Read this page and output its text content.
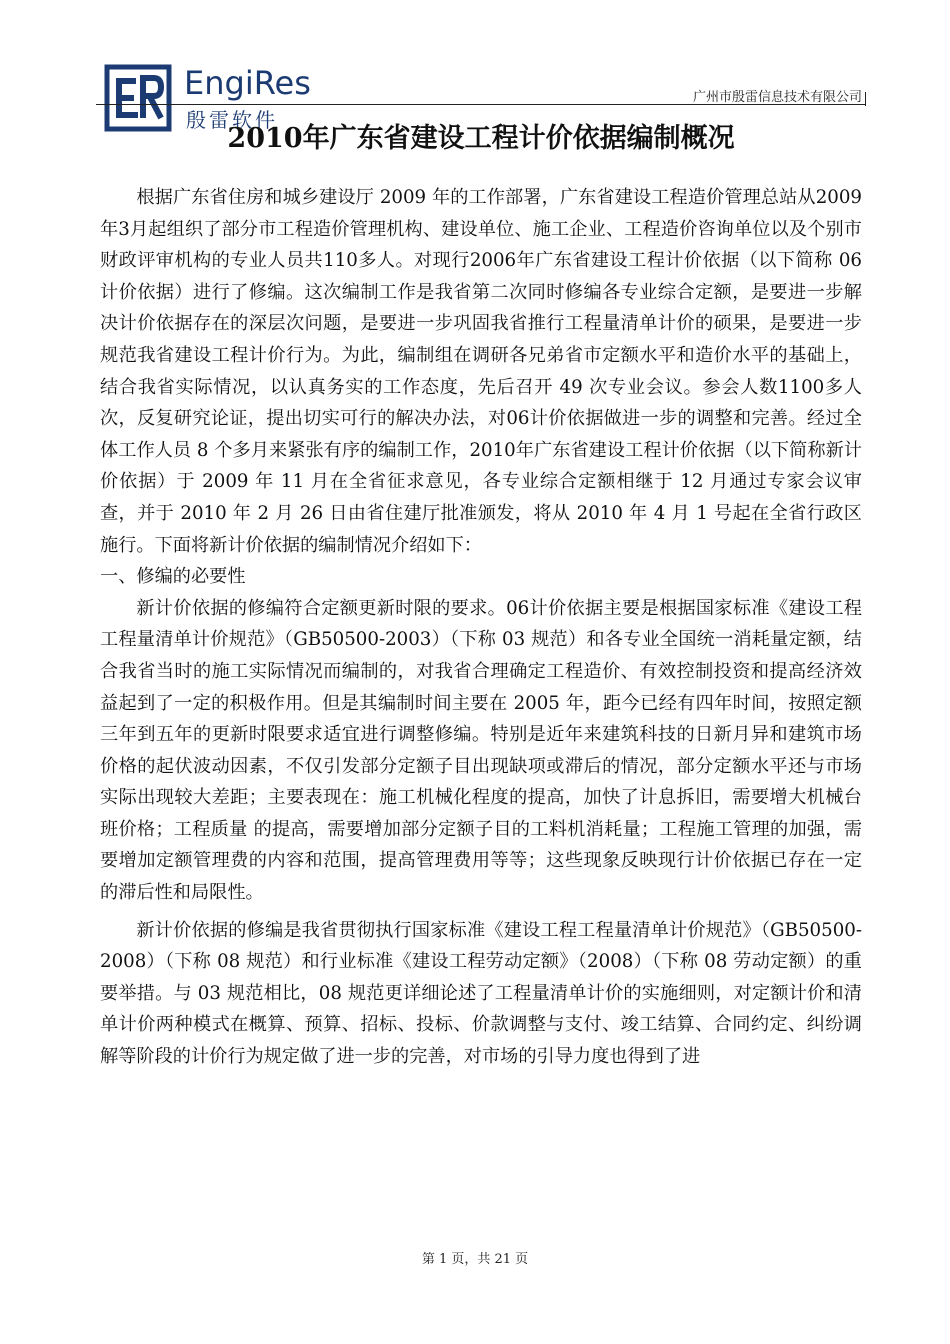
EngiRes
殷雷软件
广州市殷雷信息技术有限公司
2010年广东省建设工程计价依据编制概况

根据广东省住房和城乡建设厅 2009 年的工作部署，广东省建设工程造价管理总站从2009年3月起组织了部分市工程造价管理机构、建设单位、施工企业、工程造价咨询单位以及个别市财政评审机构的专业人员共110多人。对现行2006年广东省建设工程计价依据（以下简称 06 计价依据）进行了修编。这次编制工作是我省第二次同时修编各专业综合定额，是要进一步解决计价依据存在的深层次问题，是要进一步巩固我省推行工程量清单计价的硕果，是要进一步规范我省建设工程计价行为。为此，编制组在调研各兄弟省市定额水平和造价水平的基础上，结合我省实际情况，以认真务实的工作态度，先后召开 49 次专业会议。参会人数1100多人次，反复研究论证，提出切实可行的解决办法，对06计价依据做进一步的调整和完善。经过全体工作人员 8 个多月来紧张有序的编制工作，2010年广东省建设工程计价依据（以下简称新计价依据）于 2009 年 11 月在全省征求意见，各专业综合定额相继于 12 月通过专家会议审查，并于 2010 年 2 月 26 日由省住建厅批准颁发，将从 2010 年 4 月 1 号起在全省行政区施行。下面将新计价依据的编制情况介绍如下：

一、修编的必要性

新计价依据的修编符合定额更新时限的要求。06计价依据主要是根据国家标准《建设工程工程量清单计价规范》（GB50500-2003）（下称 03 规范）和各专业全国统一消耗量定额，结合我省当时的施工实际情况而编制的，对我省合理确定工程造价、有效控制投资和提高经济效益起到了一定的积极作用。但是其编制时间主要在 2005 年，距今已经有四年时间，按照定额三年到五年的更新时限要求适宜进行调整修编。特别是近年来建筑科技的日新月异和建筑市场价格的起伏波动因素，不仅引发部分定额子目出现缺项或滞后的情况，部分定额水平还与市场实际出现较大差距；主要表现在：施工机械化程度的提高，加快了计息拆旧，需要增大机械台班价格；工程质量 的提高，需要增加部分定额子目的工料机消耗量；工程施工管理的加强，需要增加定额管理费的内容和范围，提高管理费用等等；这些现象反映现行计价依据已存在一定的滞后性和局限性。

新计价依据的修编是我省贯彻执行国家标准《建设工程工程量清单计价规范》（GB50500-2008）（下称 08 规范）和行业标准《建设工程劳动定额》（2008）（下称 08 劳动定额）的重要举措。与 03 规范相比，08 规范更详细论述了工程量清单计价的实施细则，对定额计价和清单计价两种模式在概算、预算、招标、投标、价款调整与支付、竣工结算、合同约定、纠纷调解等阶段的计价行为规定做了进一步的完善，对市场的引导力度也得到了进

第 1 页，共 21 页
